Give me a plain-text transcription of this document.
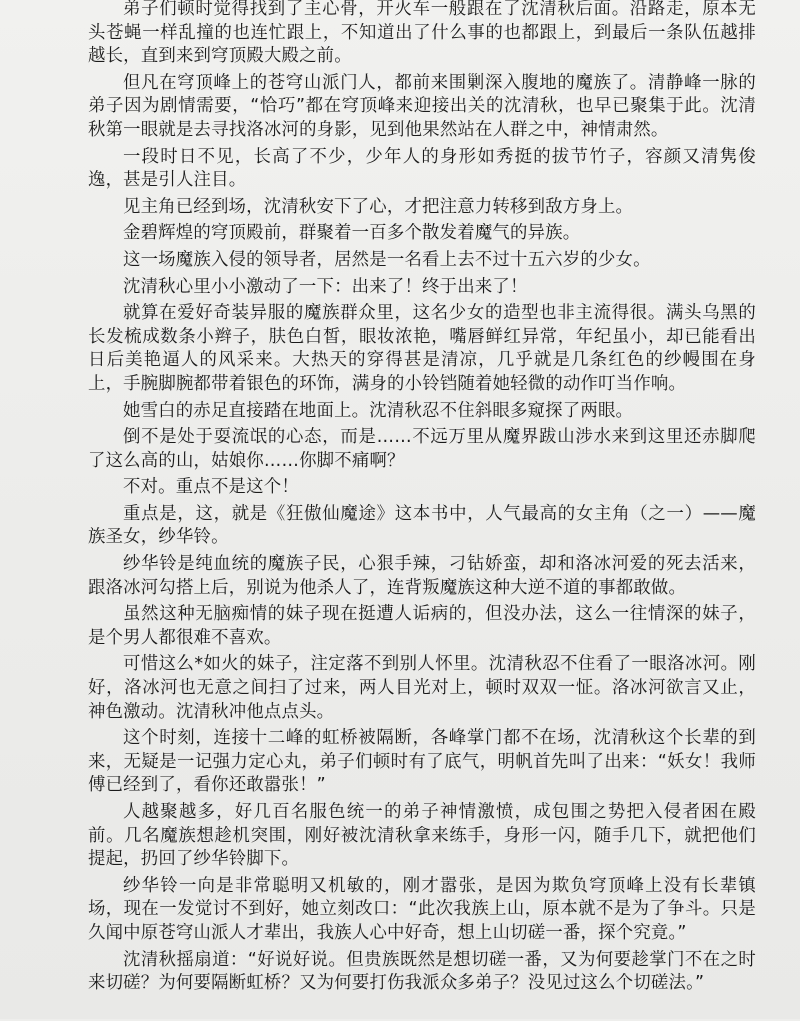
弟子们顿时觉得找到了主心骨，开火车一般跟在了沈清秋后面。沿路走，原本无头苍蝇一样乱撞的也连忙跟上，不知道出了什么事的也都跟上，到最后一条队伍越排越长，直到来到穹顶殿大殿之前。

但凡在穹顶峰上的苍穹山派门人，都前来围剿深入腹地的魔族了。清静峰一脉的弟子因为剧情需要，“恰巧”都在穹顶峰来迎接出关的沈清秋，也早已聚集于此。沈清秋第一眼就是去寻找洛冰河的身影，见到他果然站在人群之中，神情肃然。

一段时日不见，长高了不少，少年人的身形如秀挺的拔节竹子，容颜又清隽俊逸，甚是引人注目。

见主角已经到场，沈清秋安下了心，才把注意力转移到敌方身上。

金碧辉煌的穹顶殿前，群聚着一百多个散发着魔气的异族。

这一场魔族入侵的领导者，居然是一名看上去不过十五六岁的少女。

沈清秋心里小小激动了一下：出来了！终于出来了！

就算在爱好奇装异服的魔族群众里，这名少女的造型也非主流得很。满头乌黑的长发梳成数条小辫子，肤色白皙，眼妆浓艳，嘴唇鲜红异常，年纪虽小，却已能看出日后美艳逼人的风采来。大热天的穿得甚是清凉，几乎就是几条红色的纱幔围在身上，手腕脚腕都带着银色的环饰，满身的小铃铛随着她轻微的动作叮当作响。

她雪白的赤足直接踏在地面上。沈清秋忍不住斜眼多窥探了两眼。

倒不是处于耍流氓的心态，而是……不远万里从魔界跋山涉水来到这里还赤脚爬了这么高的山，姑娘你……你脚不痛啊？

不对。重点不是这个！

重点是，这，就是《狂傲仙魔途》这本书中，人气最高的女主角（之一）——魔族圣女，纱华铃。

纱华铃是纯血统的魔族子民，心狠手辣，刁钻娇蛮，却和洛冰河爱的死去活来，跟洛冰河勾搭上后，别说为他杀人了，连背叛魔族这种大逆不道的事都敢做。

虽然这种无脑痴情的妹子现在挺遭人诟病的，但没办法，这么一往情深的妹子，是个男人都很难不喜欢。

可惜这么*如火的妹子，注定落不到别人怀里。沈清秋忍不住看了一眼洛冰河。刚好，洛冰河也无意之间扫了过来，两人目光对上，顿时双双一怔。洛冰河欲言又止，神色激动。沈清秋冲他点点头。

这个时刻，连接十二峰的虹桥被隔断，各峰掌门都不在场，沈清秋这个长辈的到来，无疑是一记强力定心丸，弟子们顿时有了底气，明帆首先叫了出来：“妖女！我师傅已经到了，看你还敢嚣张！”

人越聚越多，好几百名服色统一的弟子神情激愤，成包围之势把入侵者困在殿前。几名魔族想趁机突围，刚好被沈清秋拿来练手，身形一闪，随手几下，就把他们提起，扔回了纱华铃脚下。

纱华铃一向是非常聪明又机敏的，刚才嚣张，是因为欺负穹顶峰上没有长辈镇场，现在一发觉讨不到好，她立刻改口：“此次我族上山，原本就不是为了争斗。只是久闻中原苍穹山派人才辈出，我族人心中好奇，想上山切磋一番，探个究竟。”

沈清秋摇扇道：“好说好说。但贵族既然是想切磋一番，又为何要趁掌门不在之时来切磋？为何要隔断虹桥？又为何要打伤我派众多弟子？没见过这么个切磋法。”
